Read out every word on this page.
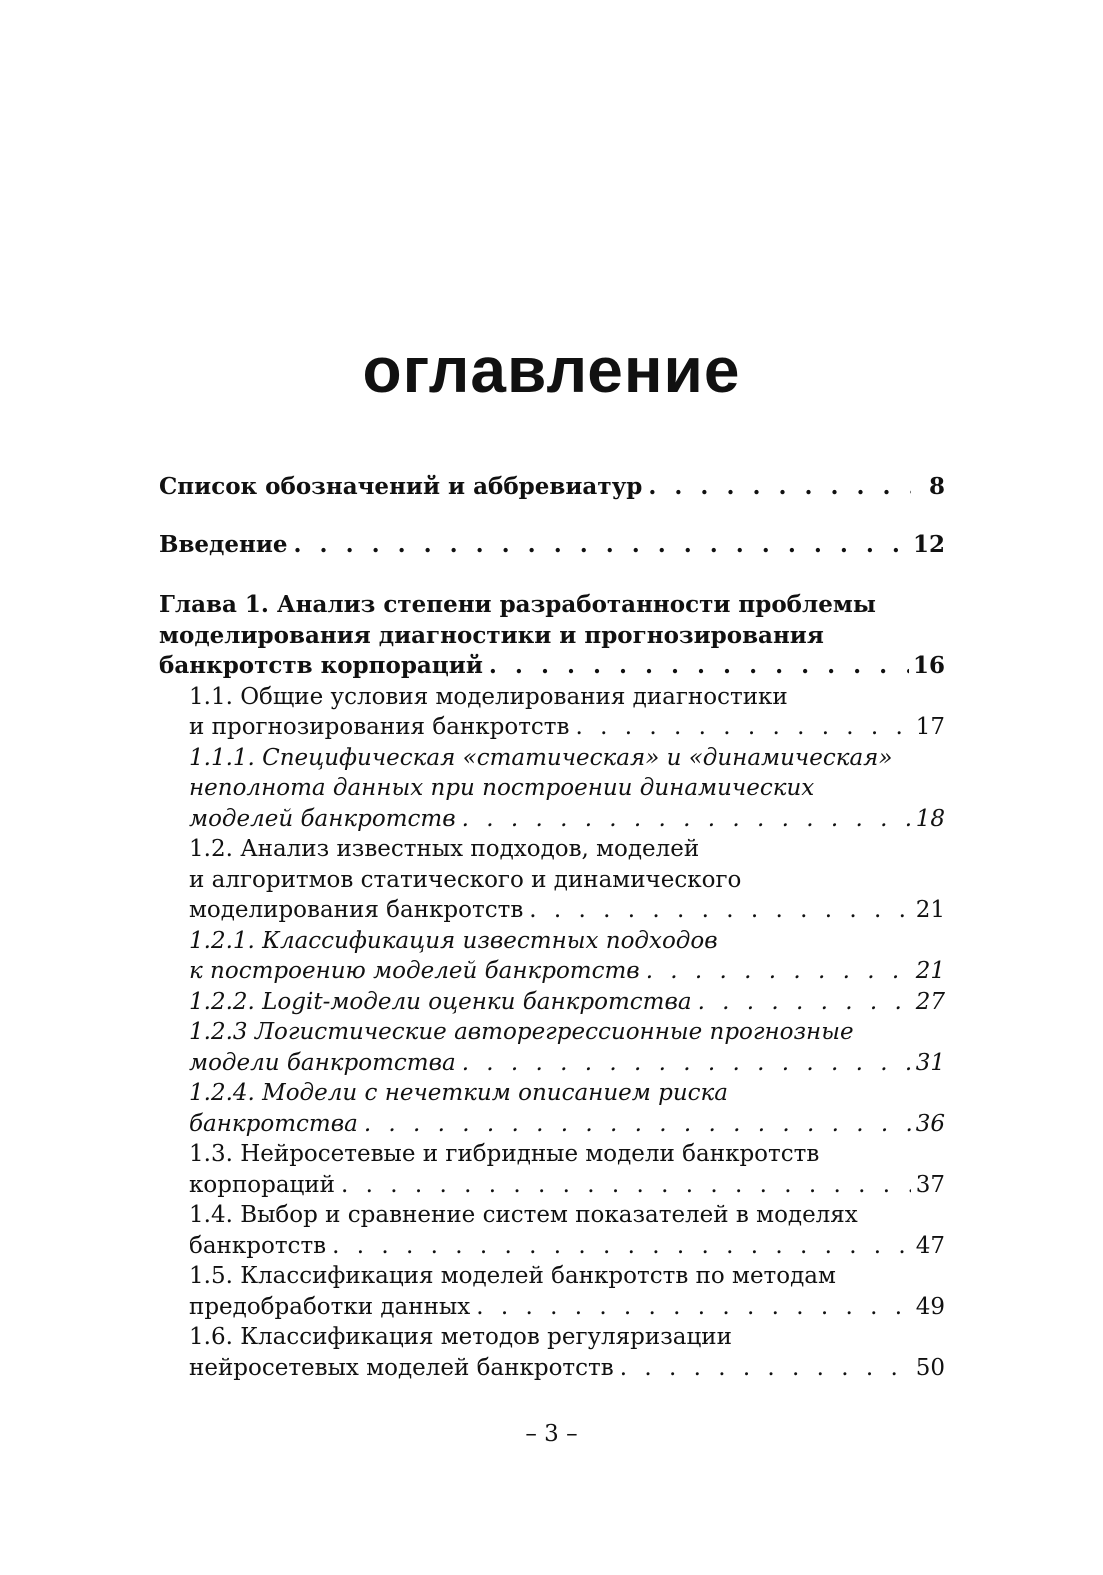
оглавление
Список обозначений и аббревиатур . . .	8
Введение . . .	12
Глава 1. Анализ степени разработанности проблемы
моделирования диагностики и прогнозирования
банкротств корпораций . . .	16
1.1. Общие условия моделирования диагностики
и прогнозирования банкротств . . .	17
1.1.1. Специфическая «статическая» и «динамическая»
неполнота данных при построении динамических
моделей банкротств . . .	18
1.2. Анализ известных подходов, моделей
и алгоритмов статического и динамического
моделирования банкротств . . .	21
1.2.1. Классификация известных подходов
к построению моделей банкротств . . .	21
1.2.2. Logit-модели оценки банкротства . . .	27
1.2.3 Логистические авторегрессионные прогнозные
модели банкротства . . .	31
1.2.4. Модели с нечетким описанием риска
банкротства . . .	36
1.3. Нейросетевые и гибридные модели банкротств
корпораций . . .	37
1.4. Выбор и сравнение систем показателей в моделях
банкротств . . .	47
1.5. Классификация моделей банкротств по методам
предобработки данных . . .	49
1.6. Классификация методов регуляризации
нейросетевых моделей банкротств . . .	50
– 3 –
